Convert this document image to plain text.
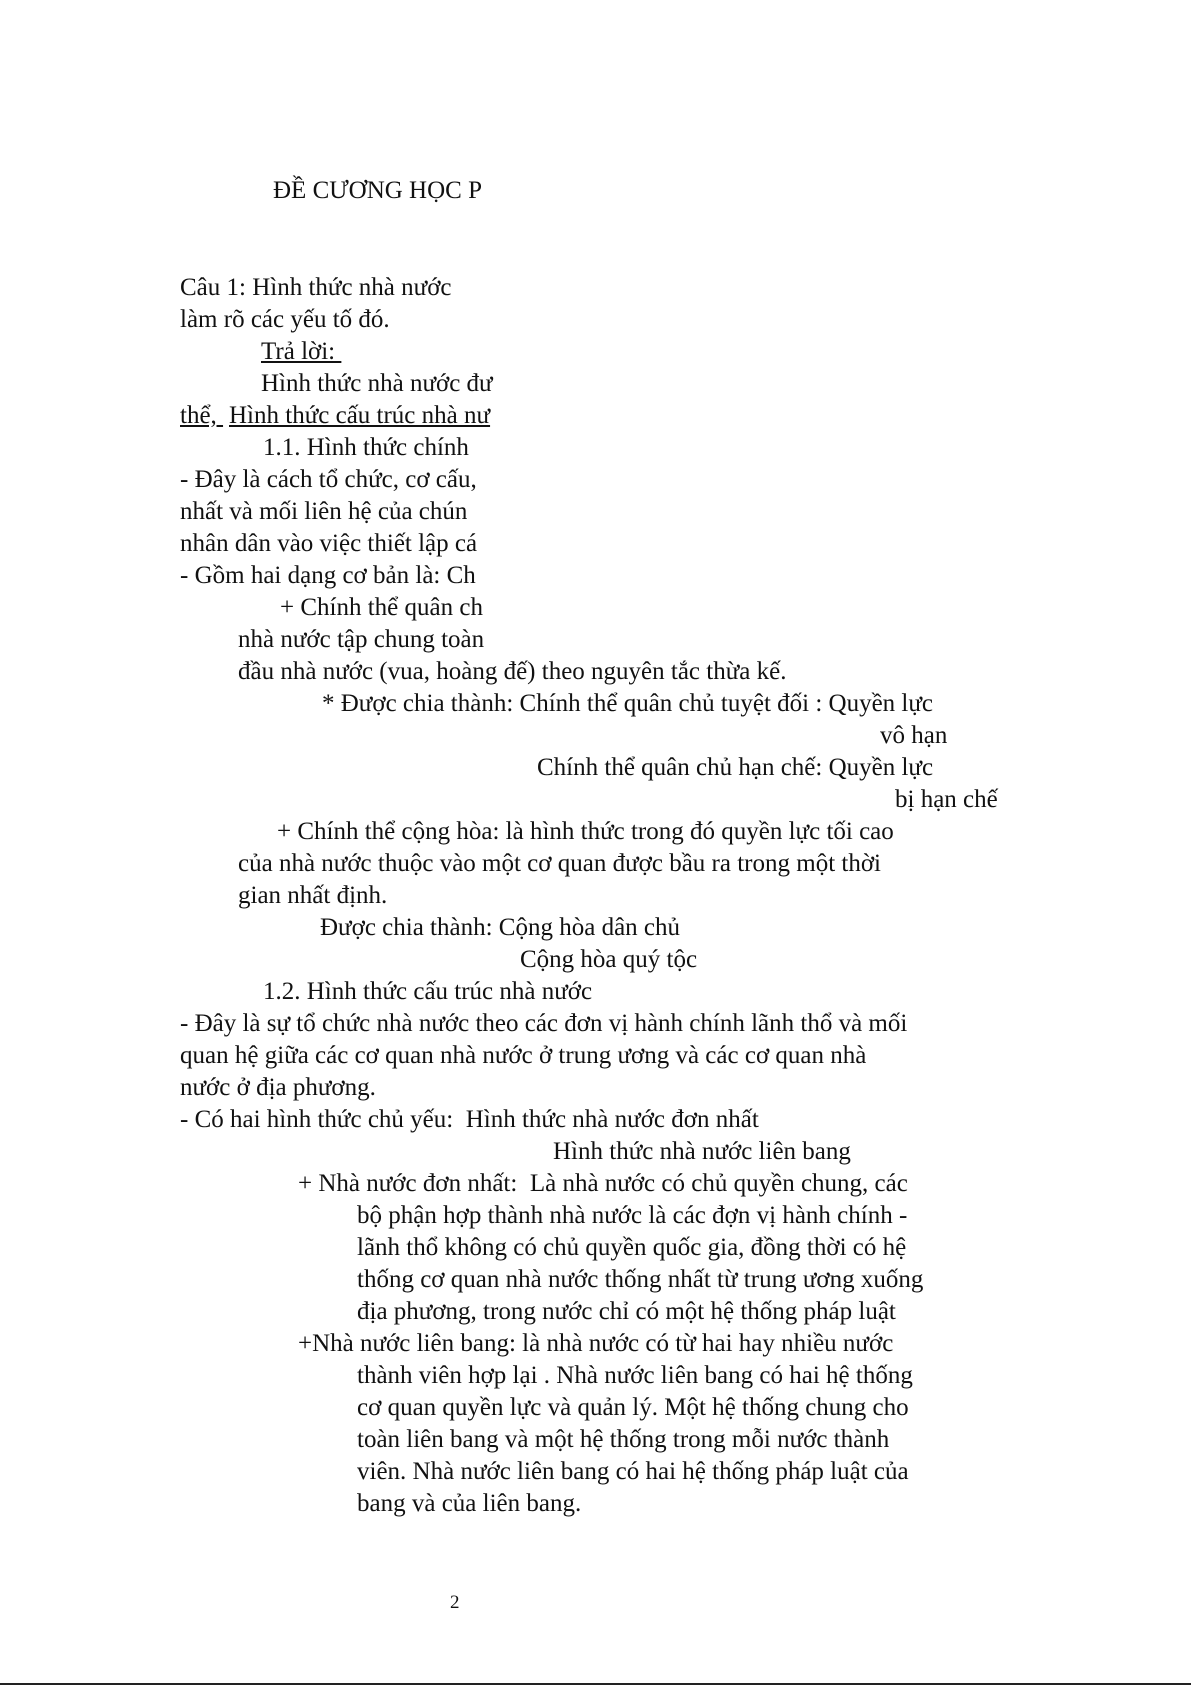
ĐỀ CƯƠNG HỌC P
Câu 1: Hình thức nhà nước
làm rõ các yếu tố đó.
Trả lời:
Hình thức nhà nước đư
thể, Hình thức cấu trúc nhà nư
1.1. Hình thức chính
- Đây là cách tổ chức, cơ cấu,
nhất và mối liên hệ của chún
nhân dân vào việc thiết lập cá
- Gồm hai dạng cơ bản là: Ch
+ Chính thể quân ch
nhà nước tập chung toàn
đầu nhà nước (vua, hoàng đế) theo nguyên tắc thừa kế.
* Được chia thành: Chính thể quân chủ tuyệt đối : Quyền lực
vô hạn
Chính thể quân chủ hạn chế: Quyền lực
bị hạn chế
+ Chính thể cộng hòa: là hình thức trong đó quyền lực tối cao
của nhà nước thuộc vào một cơ quan được bầu ra trong một thời
gian nhất định.
Được chia thành: Cộng hòa dân chủ
Cộng hòa quý tộc
1.2. Hình thức cấu trúc nhà nước
- Đây là sự tổ chức nhà nước theo các đơn vị hành chính lãnh thổ và mối
quan hệ giữa các cơ quan nhà nước ở trung ương và các cơ quan nhà
nước ở địa phương.
- Có hai hình thức chủ yếu:  Hình thức nhà nước đơn nhất
Hình thức nhà nước liên bang
+ Nhà nước đơn nhất:  Là nhà nước có chủ quyền chung, các
bộ phận hợp thành nhà nước là các đợn vị hành chính -
lãnh thổ không có chủ quyền quốc gia, đồng thời có hệ
thống cơ quan nhà nước thống nhất từ trung ương xuống
địa phương, trong nước chỉ có một hệ thống pháp luật
+Nhà nước liên bang: là nhà nước có từ hai hay nhiều nước
thành viên hợp lại . Nhà nước liên bang có hai hệ thống
cơ quan quyền lực và quản lý. Một hệ thống chung cho
toàn liên bang và một hệ thống trong mỗi nước thành
viên. Nhà nước liên bang có hai hệ thống pháp luật của
bang và của liên bang.
2
